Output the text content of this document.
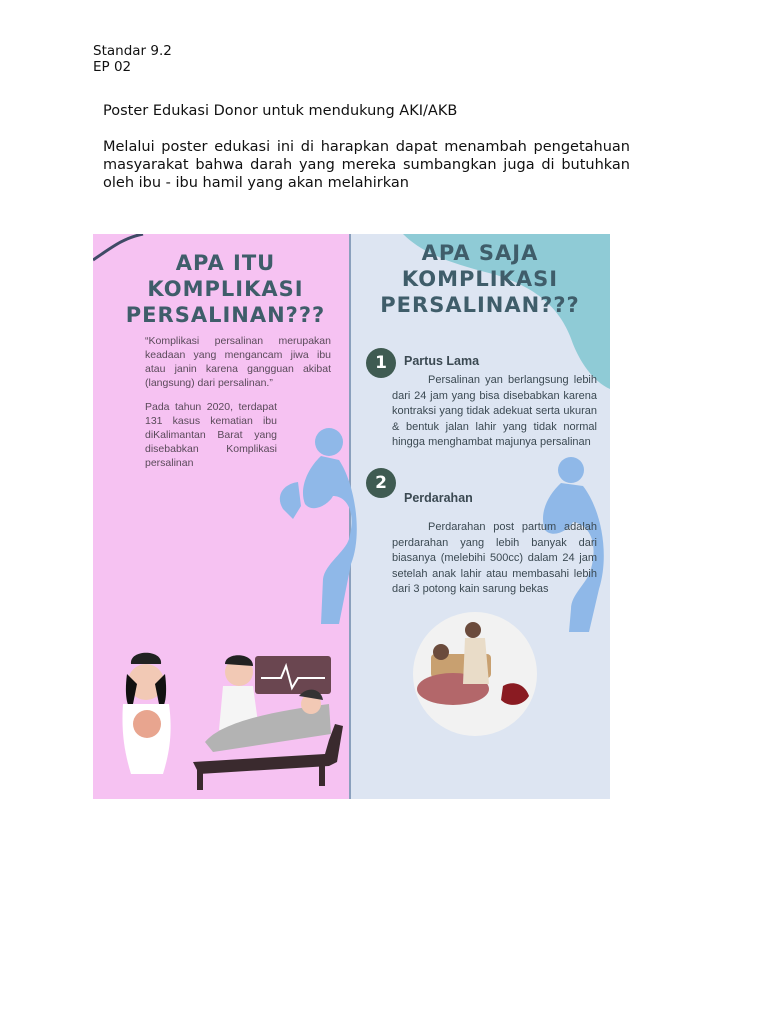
Standar 9.2
EP 02
Poster Edukasi Donor untuk mendukung AKI/AKB
Melalui poster edukasi ini di harapkan dapat menambah pengetahuan masyarakat bahwa darah yang mereka sumbangkan juga di butuhkan oleh ibu - ibu hamil yang akan melahirkan
APA ITU KOMPLIKASI PERSALINAN???
“Komplikasi persalinan merupakan keadaan yang mengancam jiwa ibu atau janin karena gangguan akibat (langsung) dari persalinan.”
Pada tahun 2020, terdapat 131 kasus kematian ibu diKalimantan Barat yang disebabkan Komplikasi persalinan
APA SAJA KOMPLIKASI PERSALINAN???
1	Partus Lama
Persalinan yan berlangsung lebih dari 24 jam yang bisa disebabkan karena kontraksi yang tidak adekuat serta ukuran & bentuk jalan lahir yang tidak normal hingga menghambat majunya persalinan
2
Perdarahan
Perdarahan post partum adalah perdarahan yang lebih banyak dari biasanya (melebihi 500cc) dalam 24 jam setelah anak lahir atau membasahi lebih dari 3 potong kain sarung bekas
